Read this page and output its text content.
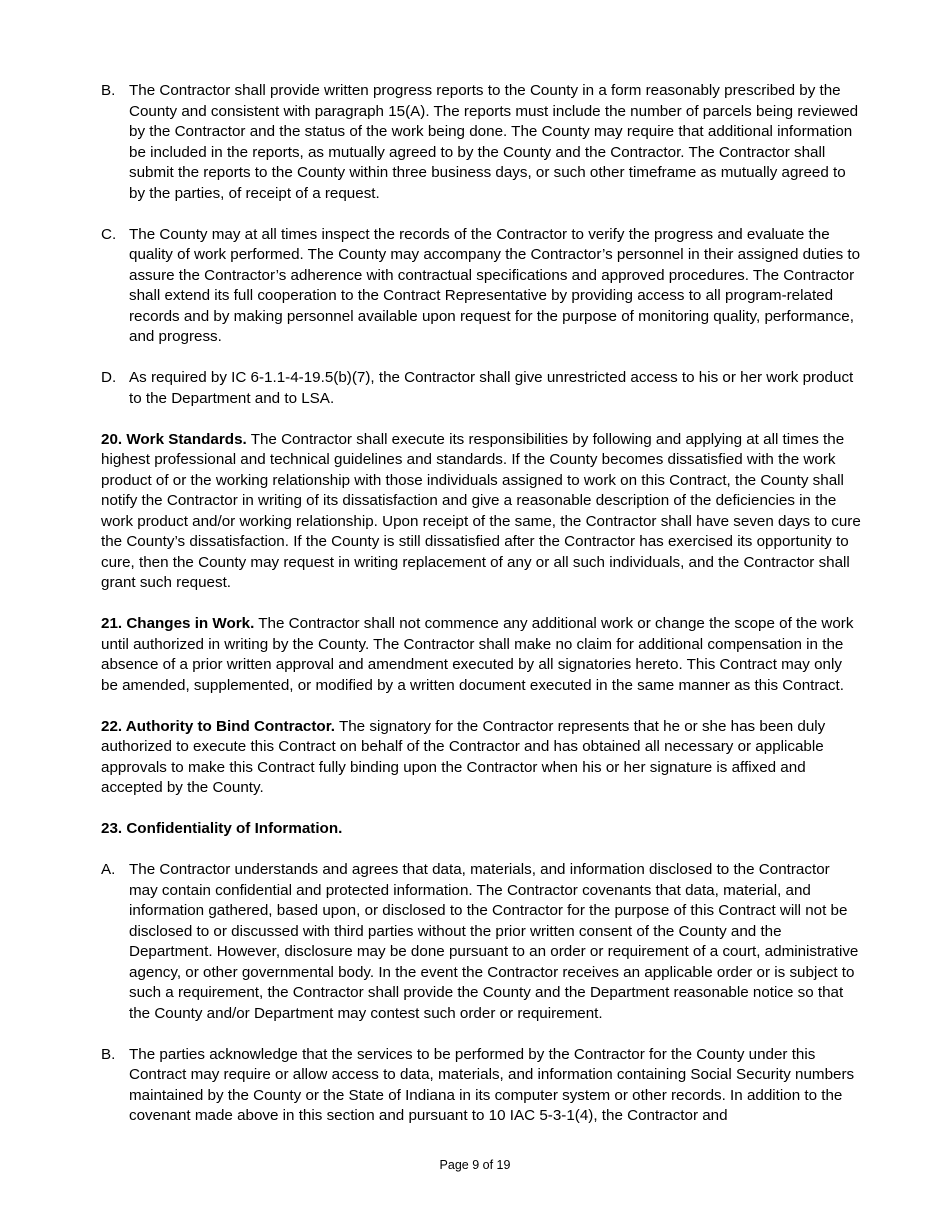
B. The Contractor shall provide written progress reports to the County in a form reasonably prescribed by the County and consistent with paragraph 15(A). The reports must include the number of parcels being reviewed by the Contractor and the status of the work being done. The County may require that additional information be included in the reports, as mutually agreed to by the County and the Contractor. The Contractor shall submit the reports to the County within three business days, or such other timeframe as mutually agreed to by the parties, of receipt of a request.
C. The County may at all times inspect the records of the Contractor to verify the progress and evaluate the quality of work performed. The County may accompany the Contractor’s personnel in their assigned duties to assure the Contractor’s adherence with contractual specifications and approved procedures. The Contractor shall extend its full cooperation to the Contract Representative by providing access to all program-related records and by making personnel available upon request for the purpose of monitoring quality, performance, and progress.
D. As required by IC 6-1.1-4-19.5(b)(7), the Contractor shall give unrestricted access to his or her work product to the Department and to LSA.
20. Work Standards. The Contractor shall execute its responsibilities by following and applying at all times the highest professional and technical guidelines and standards. If the County becomes dissatisfied with the work product of or the working relationship with those individuals assigned to work on this Contract, the County shall notify the Contractor in writing of its dissatisfaction and give a reasonable description of the deficiencies in the work product and/or working relationship. Upon receipt of the same, the Contractor shall have seven days to cure the County’s dissatisfaction. If the County is still dissatisfied after the Contractor has exercised its opportunity to cure, then the County may request in writing replacement of any or all such individuals, and the Contractor shall grant such request.
21. Changes in Work. The Contractor shall not commence any additional work or change the scope of the work until authorized in writing by the County. The Contractor shall make no claim for additional compensation in the absence of a prior written approval and amendment executed by all signatories hereto. This Contract may only be amended, supplemented, or modified by a written document executed in the same manner as this Contract.
22. Authority to Bind Contractor. The signatory for the Contractor represents that he or she has been duly authorized to execute this Contract on behalf of the Contractor and has obtained all necessary or applicable approvals to make this Contract fully binding upon the Contractor when his or her signature is affixed and accepted by the County.
23. Confidentiality of Information.
A. The Contractor understands and agrees that data, materials, and information disclosed to the Contractor may contain confidential and protected information. The Contractor covenants that data, material, and information gathered, based upon, or disclosed to the Contractor for the purpose of this Contract will not be disclosed to or discussed with third parties without the prior written consent of the County and the Department. However, disclosure may be done pursuant to an order or requirement of a court, administrative agency, or other governmental body. In the event the Contractor receives an applicable order or is subject to such a requirement, the Contractor shall provide the County and the Department reasonable notice so that the County and/or Department may contest such order or requirement.
B. The parties acknowledge that the services to be performed by the Contractor for the County under this Contract may require or allow access to data, materials, and information containing Social Security numbers maintained by the County or the State of Indiana in its computer system or other records. In addition to the covenant made above in this section and pursuant to 10 IAC 5-3-1(4), the Contractor and
Page 9 of 19
